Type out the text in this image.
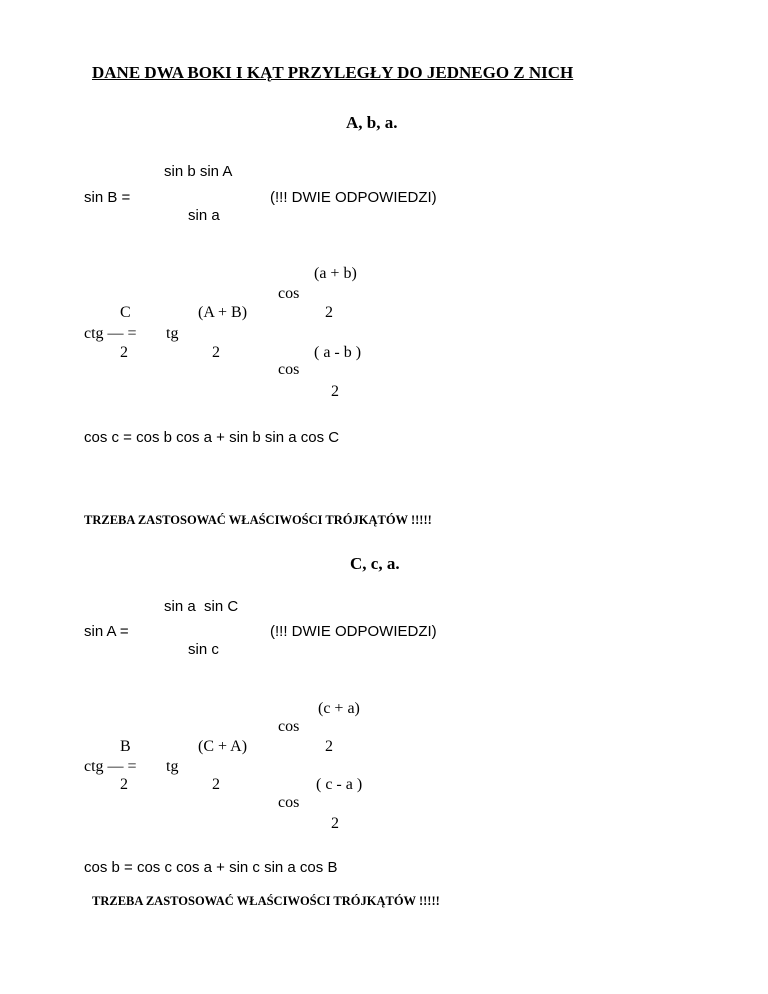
DANE DWA BOKI I KĄT PRZYLEGŁY DO JEDNEGO Z NICH
A, b, a.
sin b sin A
sin B =	(!!! DWIE ODPOWIEDZI)
sin a
(a + b)
cos
C	(A + B)	2
ctg — = tg
2	2	( a - b )
cos
2
cos c = cos b cos a + sin b sin a cos C
TRZEBA ZASTOSOWAĆ WŁAŚCIWOŚCI TRÓJKĄTÓW !!!!!
C, c, a.
sin a  sin C
sin A =	(!!! DWIE ODPOWIEDZI)
sin c
(c + a)
cos
B	(C + A)	2
ctg — = tg
2	2	( c - a )
cos
2
cos b = cos c cos a + sin c sin a cos B
TRZEBA ZASTOSOWAĆ WŁAŚCIWOŚCI TRÓJKĄTÓW !!!!!
